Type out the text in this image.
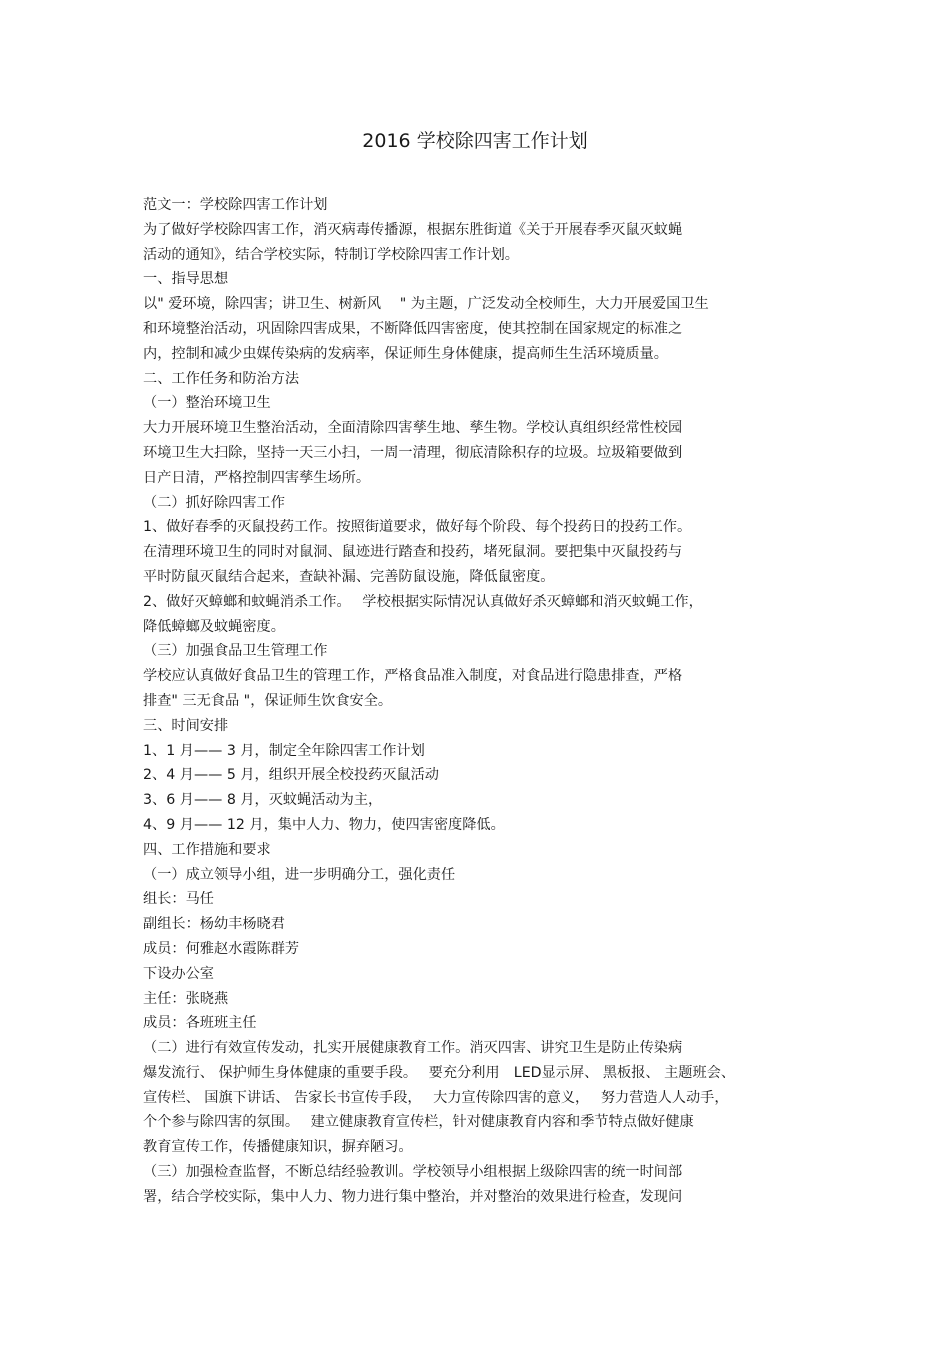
2016 学校除四害工作计划
范文一：学校除四害工作计划
为了做好学校除四害工作，消灭病毒传播源，根据东胜街道《关于开展春季灭鼠灭蚊蝇
活动的通知》，结合学校实际，特制订学校除四害工作计划。
一、指导思想
以" 爱环境，除四害；讲卫生、树新风　 " 为主题，广泛发动全校师生，大力开展爱国卫生
和环境整治活动，巩固除四害成果，不断降低四害密度，使其控制在国家规定的标准之
内，控制和减少虫媒传染病的发病率，保证师生身体健康，提高师生生活环境质量。
二、工作任务和防治方法
（一）整治环境卫生
大力开展环境卫生整治活动，全面清除四害孳生地、孳生物。学校认真组织经常性校园
环境卫生大扫除，坚持一天三小扫，一周一清理，彻底清除积存的垃圾。垃圾箱要做到
日产日清，严格控制四害孳生场所。
（二）抓好除四害工作
1、做好春季的灭鼠投药工作。按照街道要求，做好每个阶段、每个投药日的投药工作。
在清理环境卫生的同时对鼠洞、鼠迹进行踏查和投药，堵死鼠洞。要把集中灭鼠投药与
平时防鼠灭鼠结合起来，查缺补漏、完善防鼠设施，降低鼠密度。
2、做好灭蟑螂和蚊蝇消杀工作。　 学校根据实际情况认真做好杀灭蟑螂和消灭蚊蝇工作，
降低蟑螂及蚊蝇密度。
（三）加强食品卫生管理工作
学校应认真做好食品卫生的管理工作，严格食品准入制度，对食品进行隐患排查，严格
排查" 三无食品 "，保证师生饮食安全。
三、时间安排
1、1 月—— 3 月，制定全年除四害工作计划
2、4 月—— 5 月，组织开展全校投药灭鼠活动
3、6 月—— 8 月，灭蚊蝇活动为主，
4、9 月—— 12 月，集中人力、物力，使四害密度降低。
四、工作措施和要求
（一）成立领导小组，进一步明确分工，强化责任
组长：马任
副组长：杨幼丰杨晓君
成员：何雅赵水霞陈群芳
下设办公室
主任：张晓燕
成员：各班班主任
（二）进行有效宣传发动，扎实开展健康教育工作。消灭四害、讲究卫生是防止传染病
爆发流行、 保护师生身体健康的重要手段。　 要充分利用　LED显示屏、 黑板报、 主题班会、
宣传栏、 国旗下讲话、 告家长书宣传手段，　 大力宣传除四害的意义，　 努力营造人人动手，
个个参与除四害的氛围。　 建立健康教育宣传栏，针对健康教育内容和季节特点做好健康
教育宣传工作，传播健康知识，摒弃陋习。
（三）加强检查监督，不断总结经验教训。学校领导小组根据上级除四害的统一时间部
署，结合学校实际，集中人力、物力进行集中整治，并对整治的效果进行检查，发现问
